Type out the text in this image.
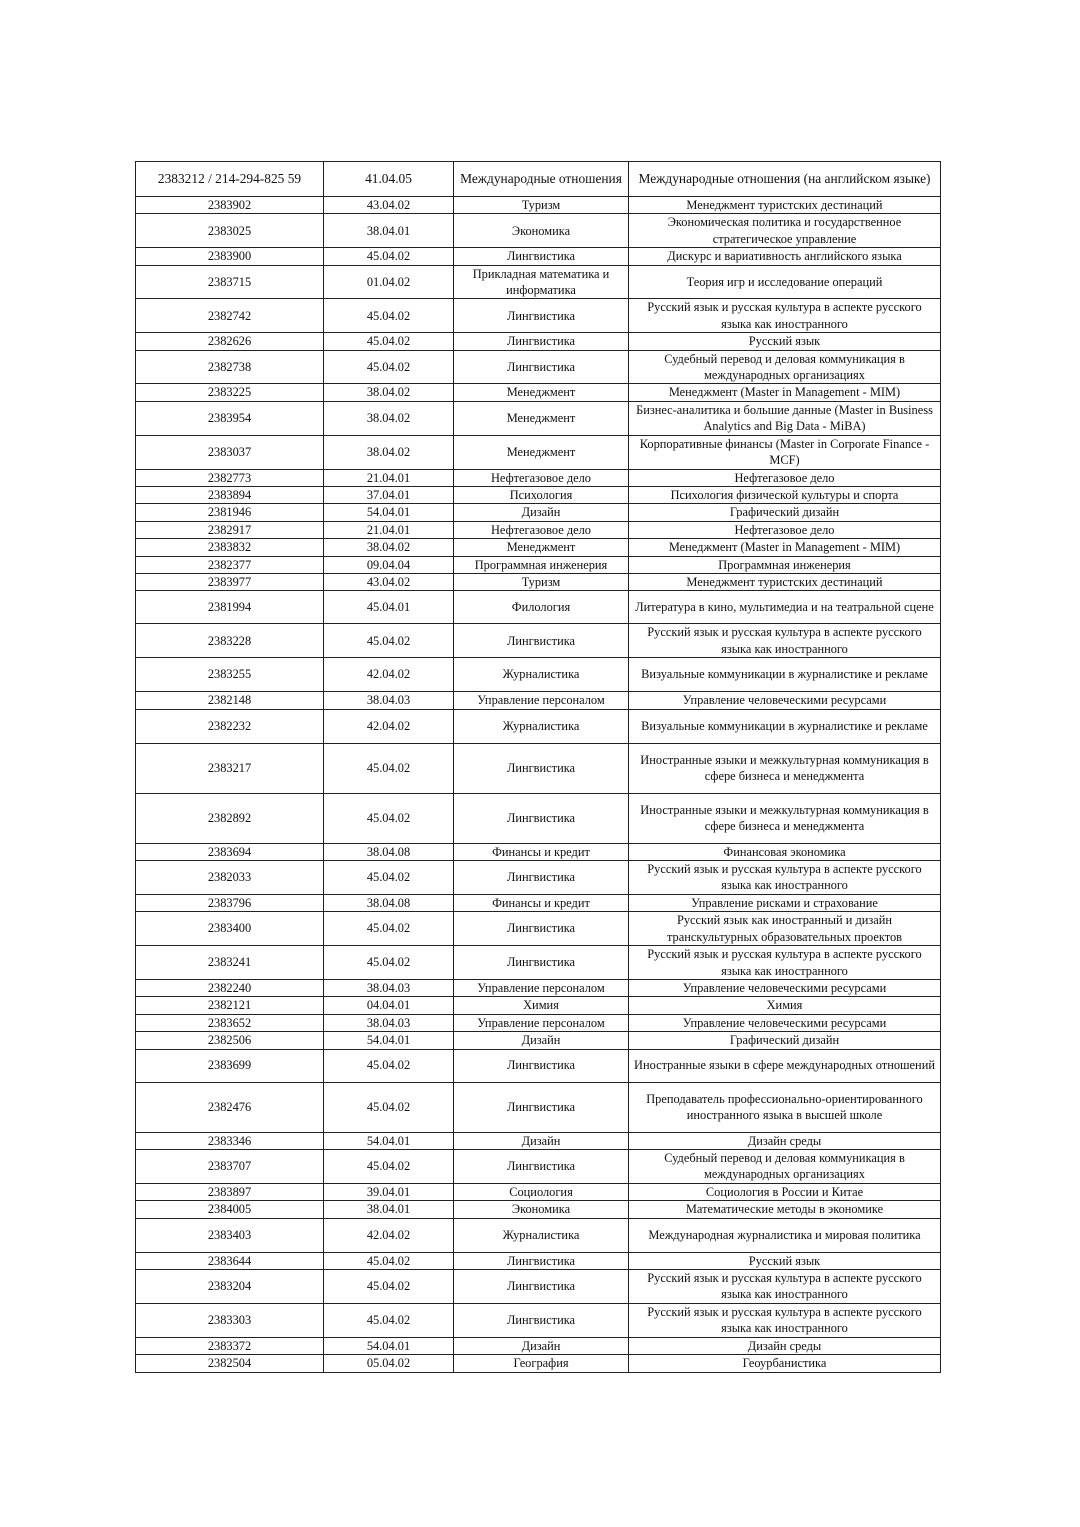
2383212 / 214-294-825 59	41.04.05	Международные отношения	Международные отношения (на английском языке)
2383902	43.04.02	Туризм	Менеджмент туристских дестинаций
2383025	38.04.01	Экономика	Экономическая политика и государственное стратегическое управление
2383900	45.04.02	Лингвистика	Дискурс и вариативность английского языка
2383715	01.04.02	Прикладная математика и информатика	Теория игр и исследование операций
2382742	45.04.02	Лингвистика	Русский язык и русская культура в аспекте русского языка как иностранного
2382626	45.04.02	Лингвистика	Русский язык
2382738	45.04.02	Лингвистика	Судебный перевод и деловая коммуникация в международных организациях
2383225	38.04.02	Менеджмент	Менеджмент (Master in Management - MIM)
2383954	38.04.02	Менеджмент	Бизнес-аналитика и большие данные (Master in Business Analytics and Big Data - MiBA)
2383037	38.04.02	Менеджмент	Корпоративные финансы (Master in Corporate Finance - MCF)
2382773	21.04.01	Нефтегазовое дело	Нефтегазовое дело
2383894	37.04.01	Психология	Психология физической культуры и спорта
2381946	54.04.01	Дизайн	Графический дизайн
2382917	21.04.01	Нефтегазовое дело	Нефтегазовое дело
2383832	38.04.02	Менеджмент	Менеджмент (Master in Management - MIM)
2382377	09.04.04	Программная инженерия	Программная инженерия
2383977	43.04.02	Туризм	Менеджмент туристских дестинаций
2381994	45.04.01	Филология	Литература в кино, мультимедиа и на театральной сцене
2383228	45.04.02	Лингвистика	Русский язык и русская культура в аспекте русского языка как иностранного
2383255	42.04.02	Журналистика	Визуальные коммуникации в журналистике и рекламе
2382148	38.04.03	Управление персоналом	Управление человеческими ресурсами
2382232	42.04.02	Журналистика	Визуальные коммуникации в журналистике и рекламе
2383217	45.04.02	Лингвистика	Иностранные языки и межкультурная коммуникация в сфере бизнеса и менеджмента
2382892	45.04.02	Лингвистика	Иностранные языки и межкультурная коммуникация в сфере бизнеса и менеджмента
2383694	38.04.08	Финансы и кредит	Финансовая экономика
2382033	45.04.02	Лингвистика	Русский язык и русская культура в аспекте русского языка как иностранного
2383796	38.04.08	Финансы и кредит	Управление рисками и страхование
2383400	45.04.02	Лингвистика	Русский язык как иностранный и дизайн транскультурных образовательных проектов
2383241	45.04.02	Лингвистика	Русский язык и русская культура в аспекте русского языка как иностранного
2382240	38.04.03	Управление персоналом	Управление человеческими ресурсами
2382121	04.04.01	Химия	Химия
2383652	38.04.03	Управление персоналом	Управление человеческими ресурсами
2382506	54.04.01	Дизайн	Графический дизайн
2383699	45.04.02	Лингвистика	Иностранные языки в сфере международных отношений
2382476	45.04.02	Лингвистика	Преподаватель профессионально-ориентированного иностранного языка в высшей школе
2383346	54.04.01	Дизайн	Дизайн среды
2383707	45.04.02	Лингвистика	Судебный перевод и деловая коммуникация в международных организациях
2383897	39.04.01	Социология	Социология в России и Китае
2384005	38.04.01	Экономика	Математические методы в экономике
2383403	42.04.02	Журналистика	Международная журналистика и мировая политика
2383644	45.04.02	Лингвистика	Русский язык
2383204	45.04.02	Лингвистика	Русский язык и русская культура в аспекте русского языка как иностранного
2383303	45.04.02	Лингвистика	Русский язык и русская культура в аспекте русского языка как иностранного
2383372	54.04.01	Дизайн	Дизайн среды
2382504	05.04.02	География	Геоурбанистика
